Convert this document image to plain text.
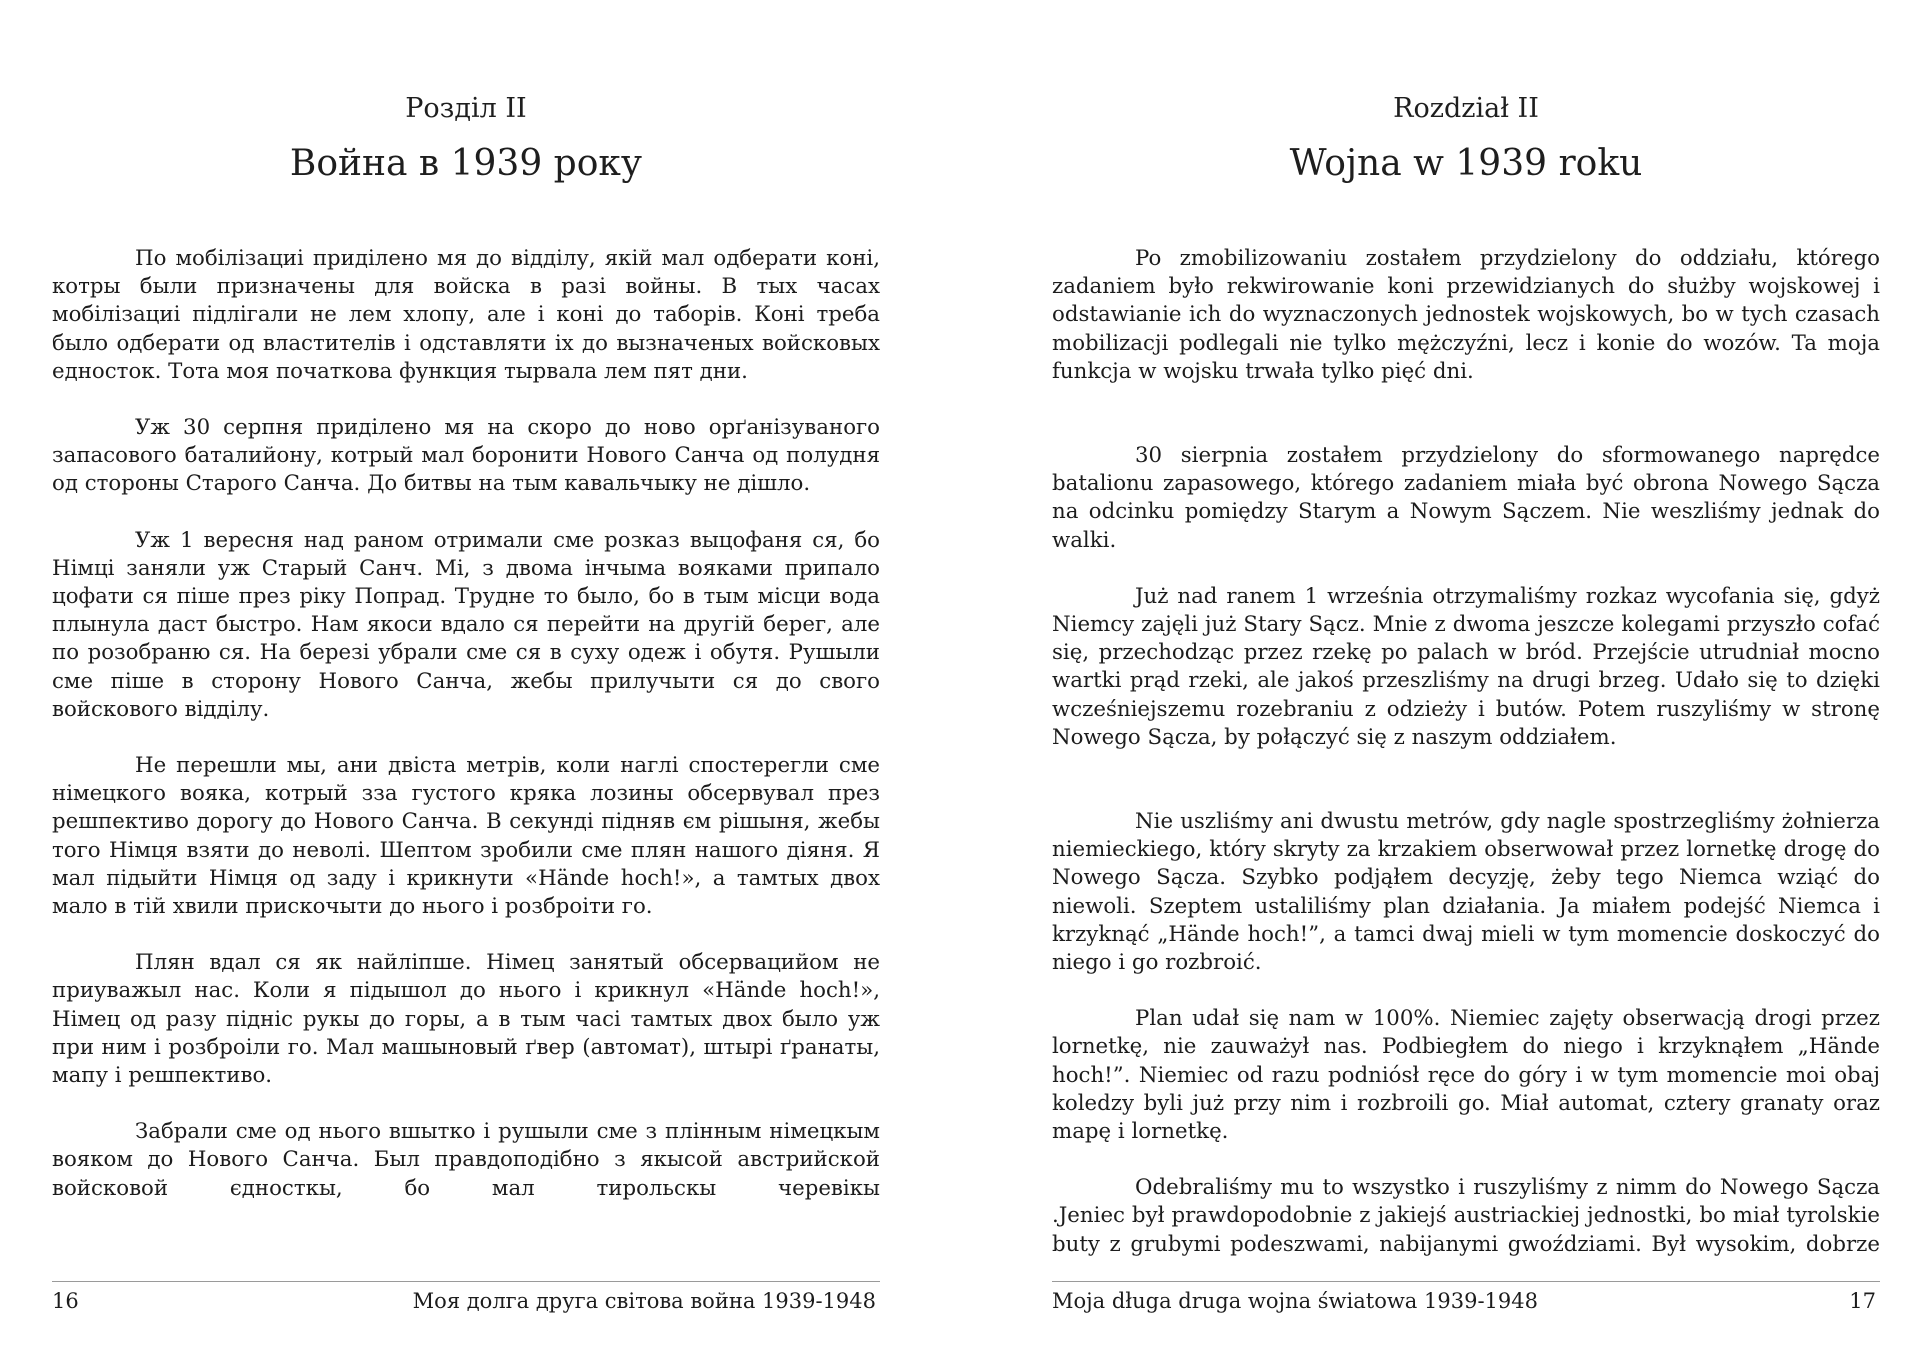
Розділ II
Война в 1939 року

По мобілізациі приділено мя до відділу, якій мал одберати коні, котры были призначены для войска в разі войны. В тых часах мобілізациі підлігали не лем хлопу, але і коні до таборів. Коні треба было одберати од властителів і одставляти іх до вызначеных войсковых едносток. Тота моя початкова функция тырвала лем пят дни.

Уж 30 серпня приділено мя на скоро до ново орґанізуваного запасового баталийону, котрый мал боронити Нового Санча од полудня од стороны Старого Санча. До битвы на тым кавальчыку не дішло.

Уж 1 вересня над раном отримали сме розказ выцофаня ся, бо Німці заняли уж Старый Санч. Мі, з двома інчыма вояками припало цофати ся піше през ріку Попрад. Трудне то было, бо в тым місци вода плынула даст быстро. Нам якоси вдало ся перейти на другій берег, але по розобраню ся. На березі убрали сме ся в суху одеж і обутя. Рушыли сме піше в сторону Нового Санча, жебы прилучыти ся до свого войскового відділу.

Не перешли мы, ани двіста метрів, коли наглі спостерегли сме німецкого вояка, котрый зза густого кряка лозины обсервувал през решпективо дорогу до Нового Санча. В секунді підняв єм рішыня, жебы того Німця взяти до неволі. Шептом зробили сме плян нашого діяня. Я мал підыйти Німця од заду і крикнути «Hände hoch!», а тамтых двох мало в тій хвили прискочыти до нього і розброіти го.

Плян вдал ся як найліпше. Німец занятый обсервацийом не приуважыл нас. Коли я підышол до нього і крикнул «Hände hoch!», Німец од разу підніс рукы до горы, а в тым часі тамтых двох было уж при ним і розброіли го. Мал машыновый ґвер (автомат), штырі ґранаты, мапу і решпективо.

Забрали сме од нього вшытко і рушыли сме з плінным німецкым вояком до Нового Санча. Был правдоподібно з якысой австрийской войсковой єдносткы, бо мал тирольскы черевікы

16	Моя долга друга світова война 1939-1948
Rozdział II
Wojna w 1939 roku

Po zmobilizowaniu zostałem przydzielony do oddziału, którego zadaniem było rekwirowanie koni przewidzianych do służby wojskowej i odstawianie ich do wyznaczonych jednostek wojskowych, bo w tych czasach mobilizacji podlegali nie tylko mężczyźni, lecz i konie do wozów. Ta moja funkcja w wojsku trwała tylko pięć dni.

30 sierpnia zostałem przydzielony do sformowanego naprędce batalionu zapasowego, którego zadaniem miała być obrona Nowego Sącza na odcinku pomiędzy Starym a Nowym Sączem. Nie weszliśmy jednak do walki.

Już nad ranem 1 września otrzymaliśmy rozkaz wycofania się, gdyż Niemcy zajęli już Stary Sącz. Mnie z dwoma jeszcze kolegami przyszło cofać się, przechodząc przez rzekę po palach w bród. Przejście utrudniał mocno wartki prąd rzeki, ale jakoś przeszliśmy na drugi brzeg. Udało się to dzięki wcześniejszemu rozebraniu z odzieży i butów. Potem ruszyliśmy w stronę Nowego Sącza, by połączyć się z naszym oddziałem.

Nie uszliśmy ani dwustu metrów, gdy nagle spostrzegliśmy żołnierza niemieckiego, który skryty za krzakiem obserwował przez lornetkę drogę do Nowego Sącza. Szybko podjąłem decyzję, żeby tego Niemca wziąć do niewoli. Szeptem ustaliliśmy plan działania. Ja miałem podejść Niemca i krzyknąć „Hände hoch!”, a tamci dwaj mieli w tym momencie doskoczyć do niego i go rozbroić.

Plan udał się nam w 100%. Niemiec zajęty obserwacją drogi przez lornetkę, nie zauważył nas. Podbiegłem do niego i krzyknąłem „Hände hoch!”. Niemiec od razu podniósł ręce do góry i w tym momencie moi obaj koledzy byli już przy nim i rozbroili go. Miał automat, cztery granaty oraz mapę i lornetkę.

Odebraliśmy mu to wszystko i ruszyliśmy z nimm do Nowego Sącza .Jeniec był prawdopodobnie z jakiejś austriackiej jednostki, bo miał tyrolskie buty z grubymi podeszwami, nabijanymi gwoździami. Był wysokim, dobrze

Moja długa druga wojna światowa 1939-1948	17
